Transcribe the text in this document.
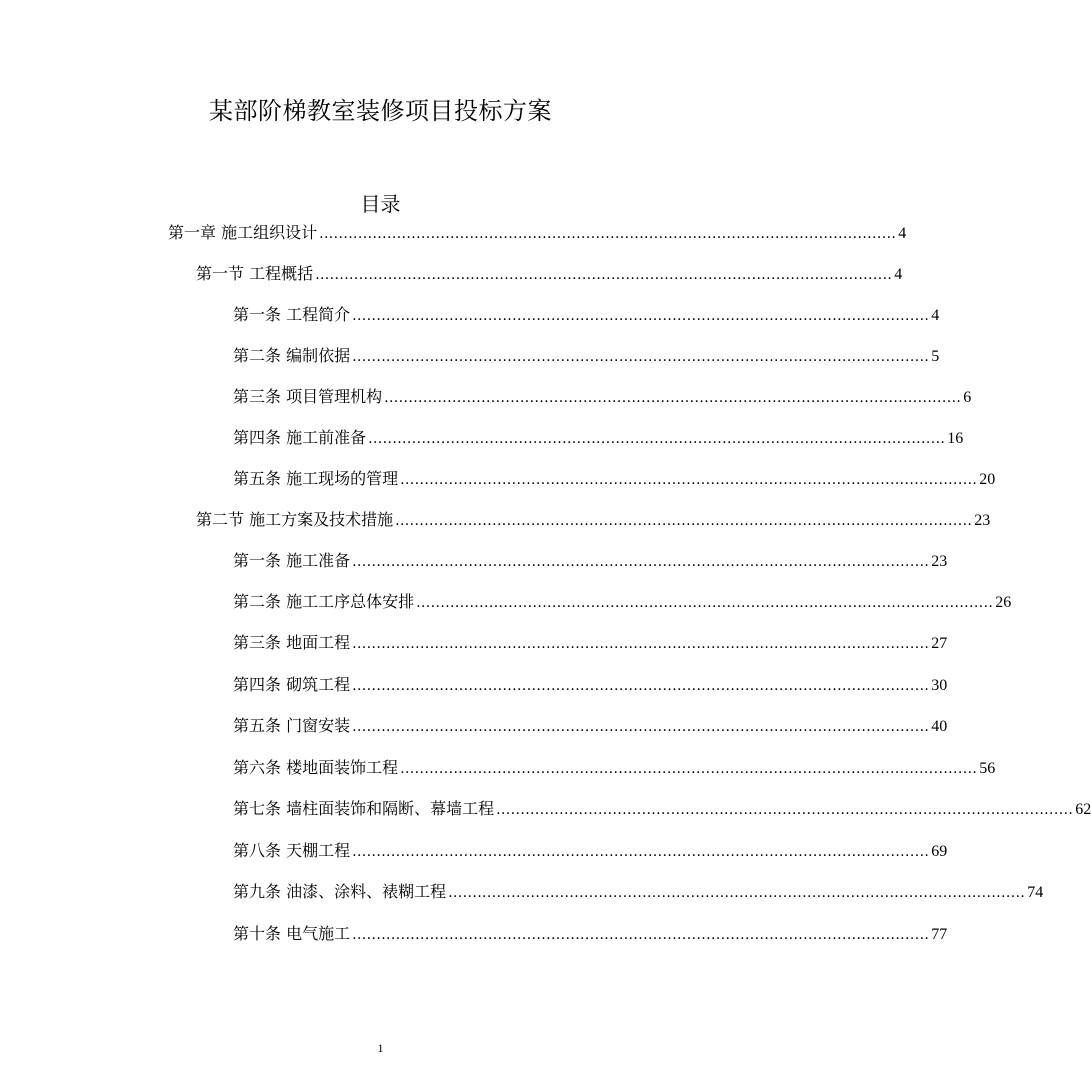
某部阶梯教室装修项目投标方案
目录
第一章 施工组织设计 ....................................................................................................................... 4
第一节 工程概括 ....................................................................................................................... 4
第一条 工程简介 ....................................................................................................................... 4
第二条 编制依据 ....................................................................................................................... 5
第三条 项目管理机构 ....................................................................................................................... 6
第四条 施工前准备 ....................................................................................................................... 16
第五条 施工现场的管理 ....................................................................................................................... 20
第二节 施工方案及技术措施 ....................................................................................................................... 23
第一条 施工准备 ....................................................................................................................... 23
第二条 施工工序总体安排 ....................................................................................................................... 26
第三条 地面工程 ....................................................................................................................... 27
第四条 砌筑工程 ....................................................................................................................... 30
第五条 门窗安装 ....................................................................................................................... 40
第六条 楼地面装饰工程 ....................................................................................................................... 56
第七条 墙柱面装饰和隔断、幕墙工程 ....................................................................................................................... 62
第八条 天棚工程 ....................................................................................................................... 69
第九条 油漆、涂料、裱糊工程 ....................................................................................................................... 74
第十条 电气施工 ....................................................................................................................... 77
1
